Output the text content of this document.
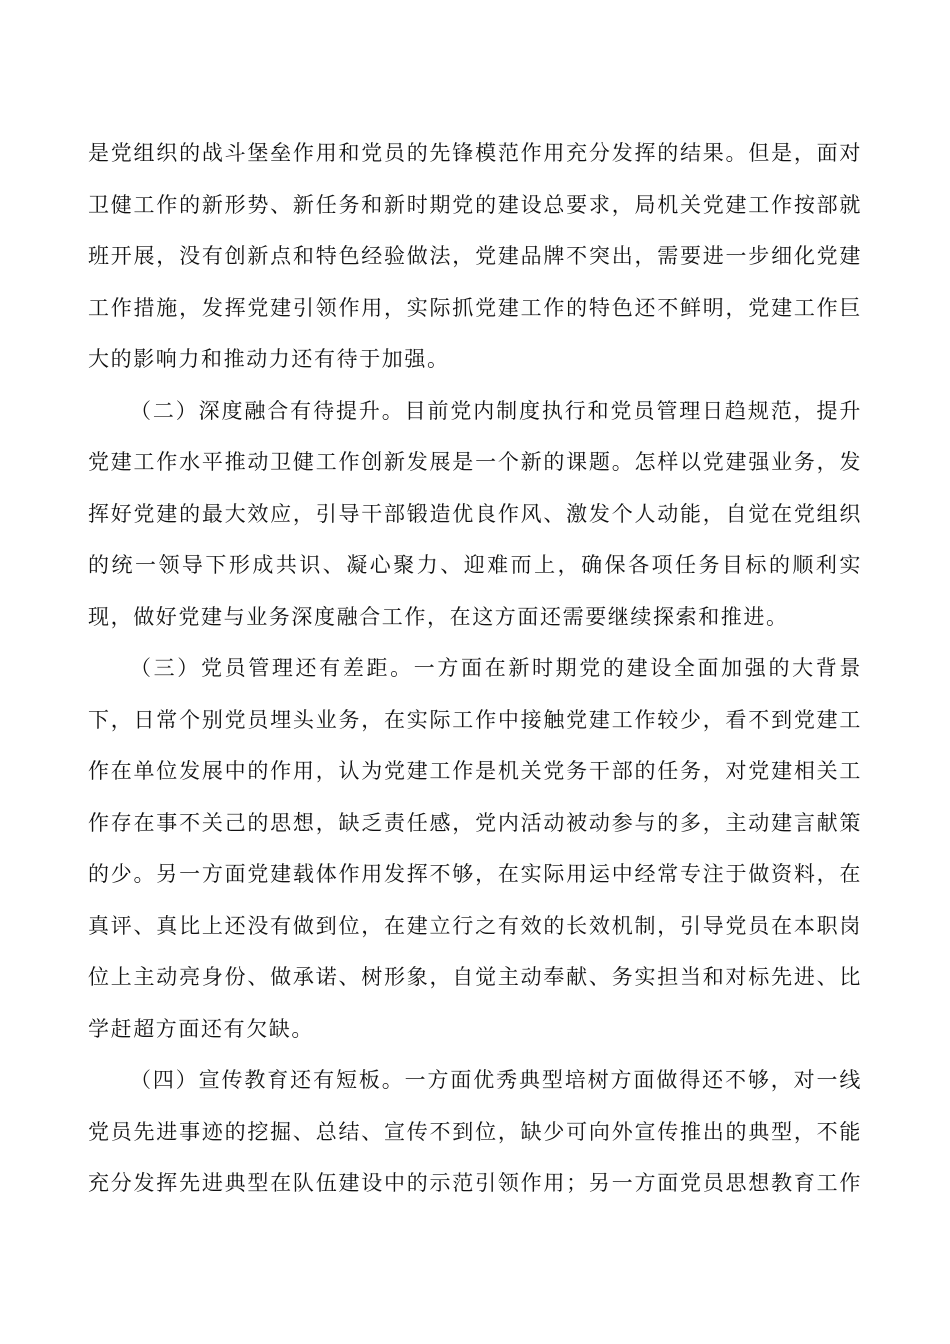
是党组织的战斗堡垒作用和党员的先锋模范作用充分发挥的结果。但是，面对
卫健工作的新形势、新任务和新时期党的建设总要求，局机关党建工作按部就
班开展，没有创新点和特色经验做法，党建品牌不突出，需要进一步细化党建
工作措施，发挥党建引领作用，实际抓党建工作的特色还不鲜明，党建工作巨
大的影响力和推动力还有待于加强。
（二）深度融合有待提升。目前党内制度执行和党员管理日趋规范，提升
党建工作水平推动卫健工作创新发展是一个新的课题。怎样以党建强业务，发
挥好党建的最大效应，引导干部锻造优良作风、激发个人动能，自觉在党组织
的统一领导下形成共识、凝心聚力、迎难而上，确保各项任务目标的顺利实
现，做好党建与业务深度融合工作，在这方面还需要继续探索和推进。
（三）党员管理还有差距。一方面在新时期党的建设全面加强的大背景
下，日常个别党员埋头业务，在实际工作中接触党建工作较少，看不到党建工
作在单位发展中的作用，认为党建工作是机关党务干部的任务，对党建相关工
作存在事不关己的思想，缺乏责任感，党内活动被动参与的多，主动建言献策
的少。另一方面党建载体作用发挥不够，在实际用运中经常专注于做资料，在
真评、真比上还没有做到位，在建立行之有效的长效机制，引导党员在本职岗
位上主动亮身份、做承诺、树形象，自觉主动奉献、务实担当和对标先进、比
学赶超方面还有欠缺。
（四）宣传教育还有短板。一方面优秀典型培树方面做得还不够，对一线
党员先进事迹的挖掘、总结、宣传不到位，缺少可向外宣传推出的典型，不能
充分发挥先进典型在队伍建设中的示范引领作用；另一方面党员思想教育工作
